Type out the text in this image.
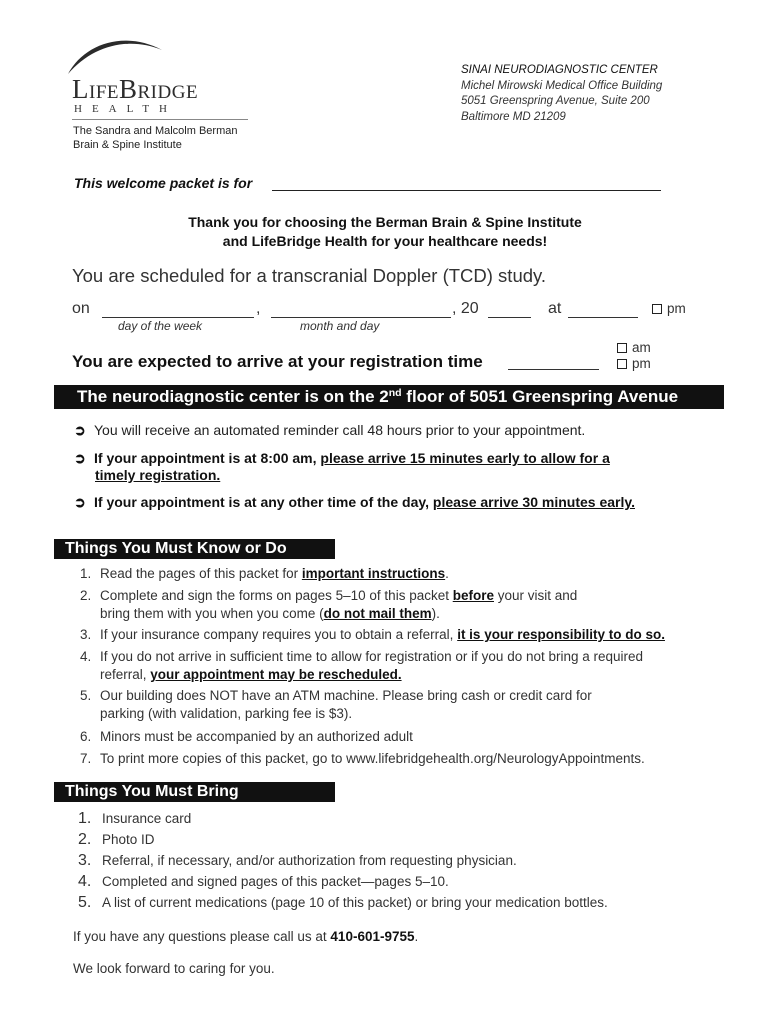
LifeBridge
HEALTH
The Sandra and Malcolm Berman
Brain & Spine Institute
SINAI NEURODIAGNOSTIC CENTER
Michel Mirowski Medical Office Building
5051 Greenspring Avenue, Suite 200
Baltimore MD 21209
This welcome packet is for
Thank you for choosing the Berman Brain & Spine Institute
and LifeBridge Health for your healthcare needs!
You are scheduled for a transcranial Doppler (TCD) study.
on	,	, 20	at	pm
day of the week	month and day
am
pm
You are expected to arrive at your registration time
The neurodiagnostic center is on the 2nd floor of 5051 Greenspring Avenue
➲ You will receive an automated reminder call 48 hours prior to your appointment.
➲ If your appointment is at 8:00 am, please arrive 15 minutes early to allow for a
timely registration.
➲ If your appointment is at any other time of the day, please arrive 30 minutes early.
Things You Must Know or Do
1. Read the pages of this packet for important instructions.
2. Complete and sign the forms on pages 5–10 of this packet before your visit and
bring them with you when you come (do not mail them).
3. If your insurance company requires you to obtain a referral, it is your responsibility to do so.
4. If you do not arrive in sufficient time to allow for registration or if you do not bring a required
referral, your appointment may be rescheduled.
5. Our building does NOT have an ATM machine. Please bring cash or credit card for
parking (with validation, parking fee is $3).
6. Minors must be accompanied by an authorized adult
7. To print more copies of this packet, go to www.lifebridgehealth.org/NeurologyAppointments.
Things You Must Bring
1. Insurance card
2. Photo ID
3. Referral, if necessary, and/or authorization from requesting physician.
4. Completed and signed pages of this packet—pages 5–10.
5. A list of current medications (page 10 of this packet) or bring your medication bottles.
If you have any questions please call us at 410-601-9755.
We look forward to caring for you.
